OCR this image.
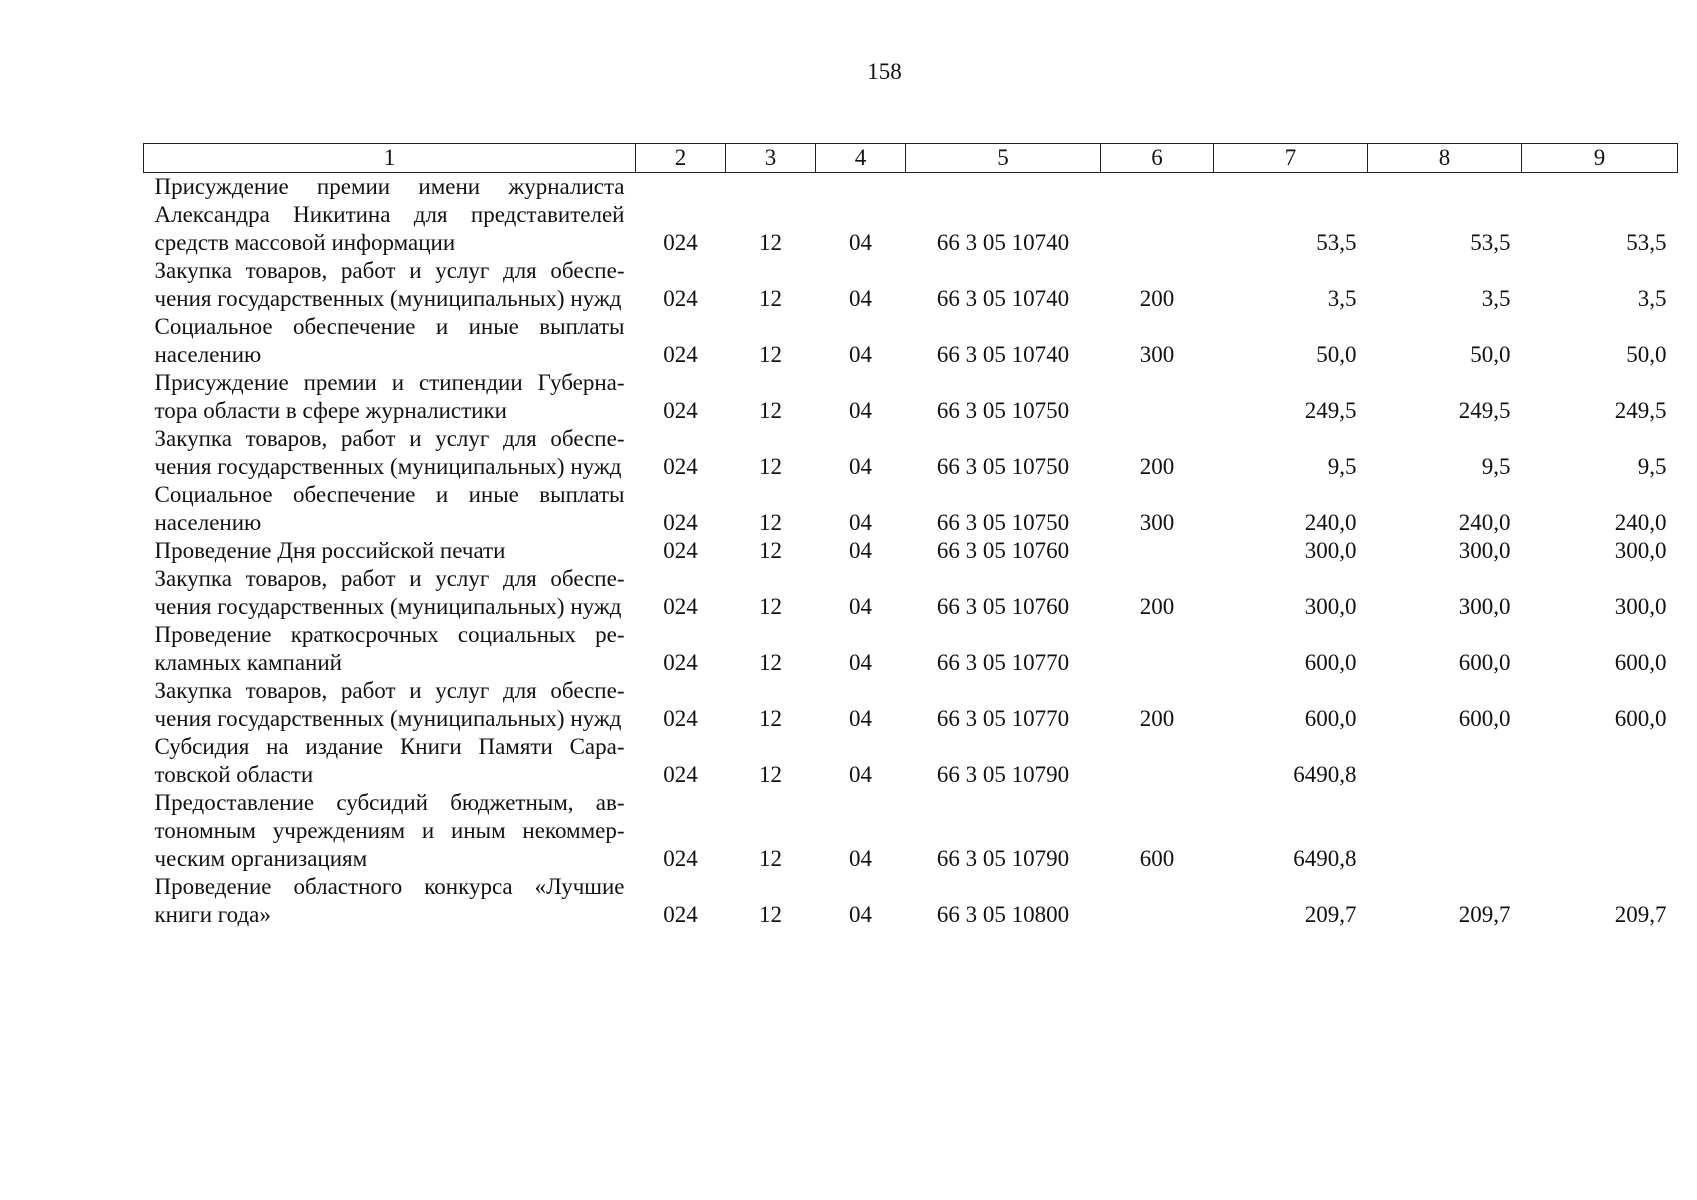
158
1	2	3	4	5	6	7	8	9
Присуждение премии имени журналиста Александра Никитина для представителей средств массовой информации	024	12	04	66 3 05 10740		53,5	53,5	53,5
Закупка товаров, работ и услуг для обеспе-чения государственных (муниципальных) нужд	024	12	04	66 3 05 10740	200	3,5	3,5	3,5
Социальное обеспечение и иные выплаты населению	024	12	04	66 3 05 10740	300	50,0	50,0	50,0
Присуждение премии и стипендии Губерна-тора области в сфере журналистики	024	12	04	66 3 05 10750		249,5	249,5	249,5
Закупка товаров, работ и услуг для обеспе-чения государственных (муниципальных) нужд	024	12	04	66 3 05 10750	200	9,5	9,5	9,5
Социальное обеспечение и иные выплаты населению	024	12	04	66 3 05 10750	300	240,0	240,0	240,0
Проведение Дня российской печати	024	12	04	66 3 05 10760		300,0	300,0	300,0
Закупка товаров, работ и услуг для обеспе-чения государственных (муниципальных) нужд	024	12	04	66 3 05 10760	200	300,0	300,0	300,0
Проведение краткосрочных социальных ре-кламных кампаний	024	12	04	66 3 05 10770		600,0	600,0	600,0
Закупка товаров, работ и услуг для обеспе-чения государственных (муниципальных) нужд	024	12	04	66 3 05 10770	200	600,0	600,0	600,0
Субсидия на издание Книги Памяти Сара-товской области	024	12	04	66 3 05 10790		6490,8		
Предоставление субсидий бюджетным, ав-тономным учреждениям и иным некоммер-ческим организациям	024	12	04	66 3 05 10790	600	6490,8		
Проведение областного конкурса «Лучшие книги года»	024	12	04	66 3 05 10800		209,7	209,7	209,7
